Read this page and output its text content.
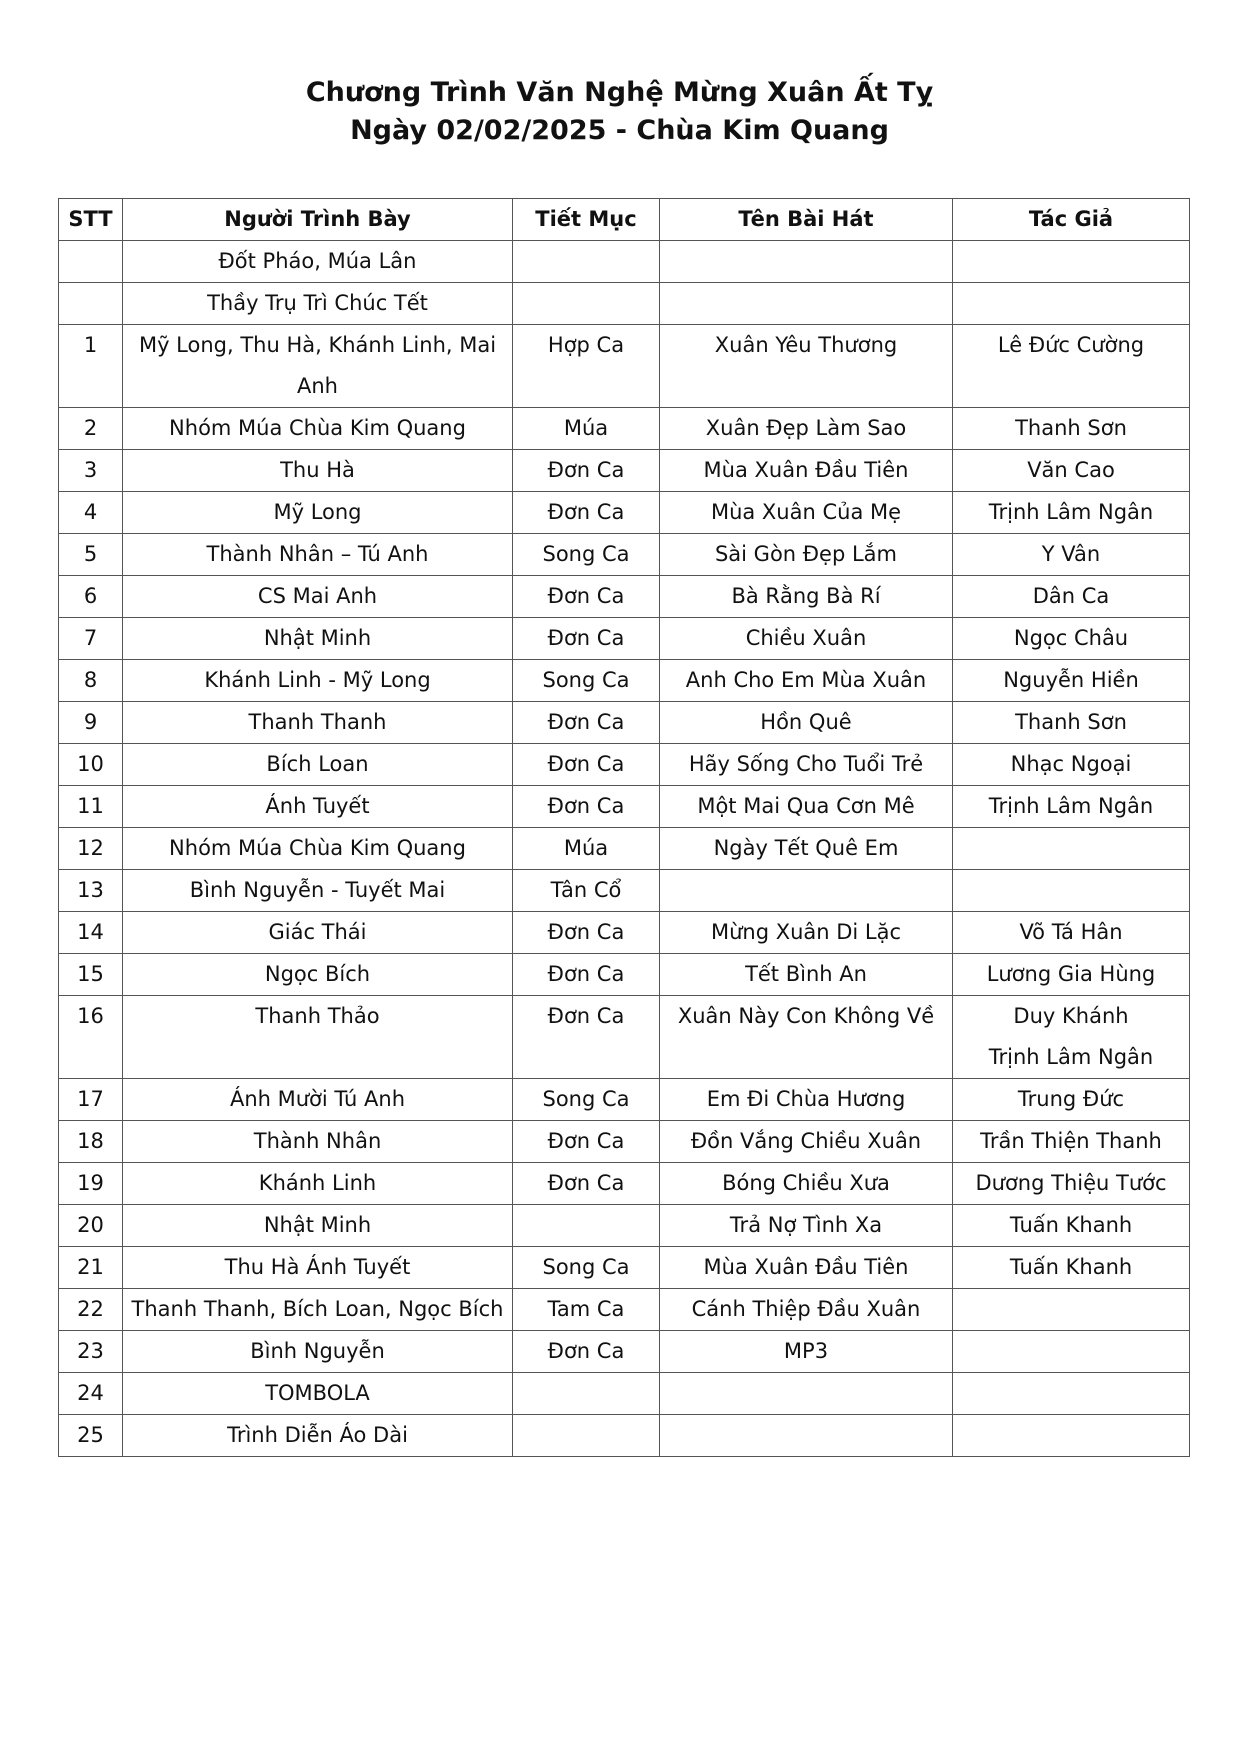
Chương Trình Văn Nghệ Mừng Xuân Ất Tỵ
Ngày 02/02/2025 - Chùa Kim Quang
STT	Người Trình Bày	Tiết Mục	Tên Bài Hát	Tác Giả
	Đốt Pháo, Múa Lân			
	Thầy Trụ Trì Chúc Tết			
1	Mỹ Long, Thu Hà, Khánh Linh, Mai Anh	Hợp Ca	Xuân Yêu Thương	Lê Đức Cường
2	Nhóm Múa Chùa Kim Quang	Múa	Xuân Đẹp Làm Sao	Thanh Sơn
3	Thu Hà	Đơn Ca	Mùa Xuân Đầu Tiên	Văn Cao
4	Mỹ Long	Đơn Ca	Mùa Xuân Của Mẹ	Trịnh Lâm Ngân
5	Thành Nhân – Tú Anh	Song Ca	Sài Gòn Đẹp Lắm	Y Vân
6	CS Mai Anh	Đơn Ca	Bà Rằng Bà Rí	Dân Ca
7	Nhật Minh	Đơn Ca	Chiều Xuân	Ngọc Châu
8	Khánh Linh - Mỹ Long	Song Ca	Anh Cho Em Mùa Xuân	Nguyễn Hiền
9	Thanh Thanh	Đơn Ca	Hồn Quê	Thanh Sơn
10	Bích Loan	Đơn Ca	Hãy Sống Cho Tuổi Trẻ	Nhạc Ngoại
11	Ánh Tuyết	Đơn Ca	Một Mai Qua Cơn Mê	Trịnh Lâm Ngân
12	Nhóm Múa Chùa Kim Quang	Múa	Ngày Tết Quê Em	
13	Bình Nguyễn - Tuyết Mai	Tân Cổ		
14	Giác Thái	Đơn Ca	Mừng Xuân Di Lặc	Võ Tá Hân
15	Ngọc Bích	Đơn Ca	Tết Bình An	Lương Gia Hùng
16	Thanh Thảo	Đơn Ca	Xuân Này Con Không Về	Duy Khánh
Trịnh Lâm Ngân

17	Ánh Mười Tú Anh	Song Ca	Em Đi Chùa Hương	Trung Đức
18	Thành Nhân	Đơn Ca	Đồn Vắng Chiều Xuân	Trần Thiện Thanh
19	Khánh Linh	Đơn Ca	Bóng Chiều Xưa	Dương Thiệu Tước
20	Nhật Minh		Trả Nợ Tình Xa	Tuấn Khanh
21	Thu Hà Ánh Tuyết	Song Ca	Mùa Xuân Đầu Tiên	Tuấn Khanh
22	Thanh Thanh, Bích Loan, Ngọc Bích	Tam Ca	Cánh Thiệp Đầu Xuân	
23	Bình Nguyễn	Đơn Ca	MP3	
24	TOMBOLA			
25	Trình Diễn Áo Dài			
